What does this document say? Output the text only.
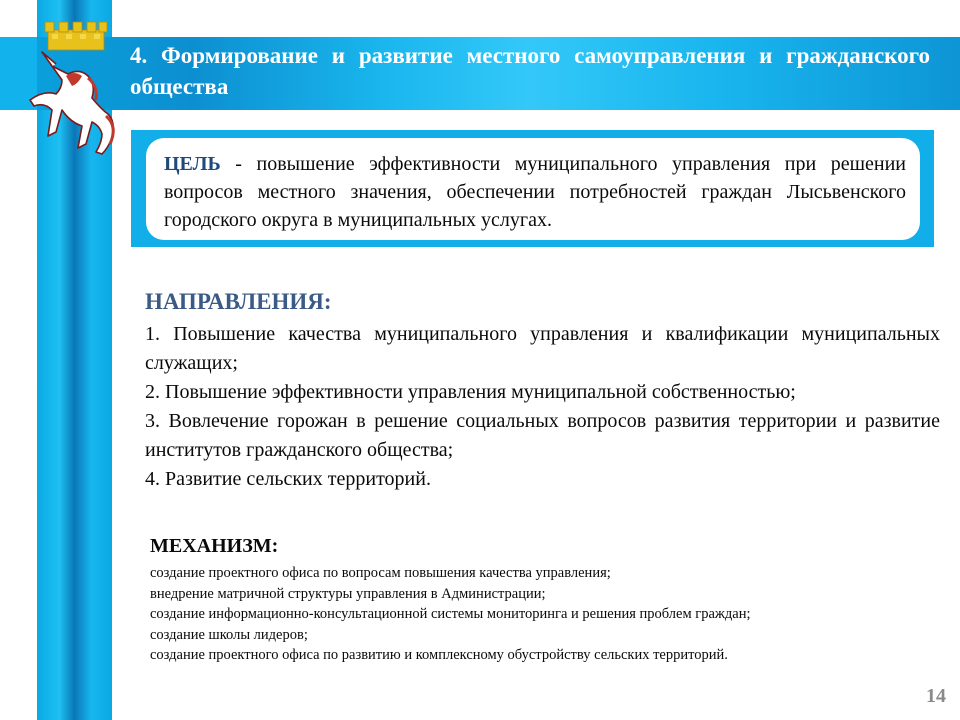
4. Формирование и развитие местного самоуправления и гражданского общества
ЦЕЛЬ - повышение эффективности муниципального управления при решении вопросов местного значения, обеспечении потребностей граждан Лысьвенского городского округа в муниципальных услугах.
НАПРАВЛЕНИЯ:

1. Повышение качества муниципального управления и квалификации муниципальных служащих;

2. Повышение эффективности управления муниципальной собственностью;

3. Вовлечение горожан в решение социальных вопросов развития территории и развитие институтов гражданского общества;

4. Развитие сельских территорий.

МЕХАНИЗМ:

создание проектного офиса по вопросам повышения качества управления;

внедрение матричной структуры управления в Администрации;

создание информационно-консультационной системы мониторинга и решения проблем граждан;

создание школы лидеров;

создание проектного офиса по развитию и комплексному обустройству сельских территорий.

14
